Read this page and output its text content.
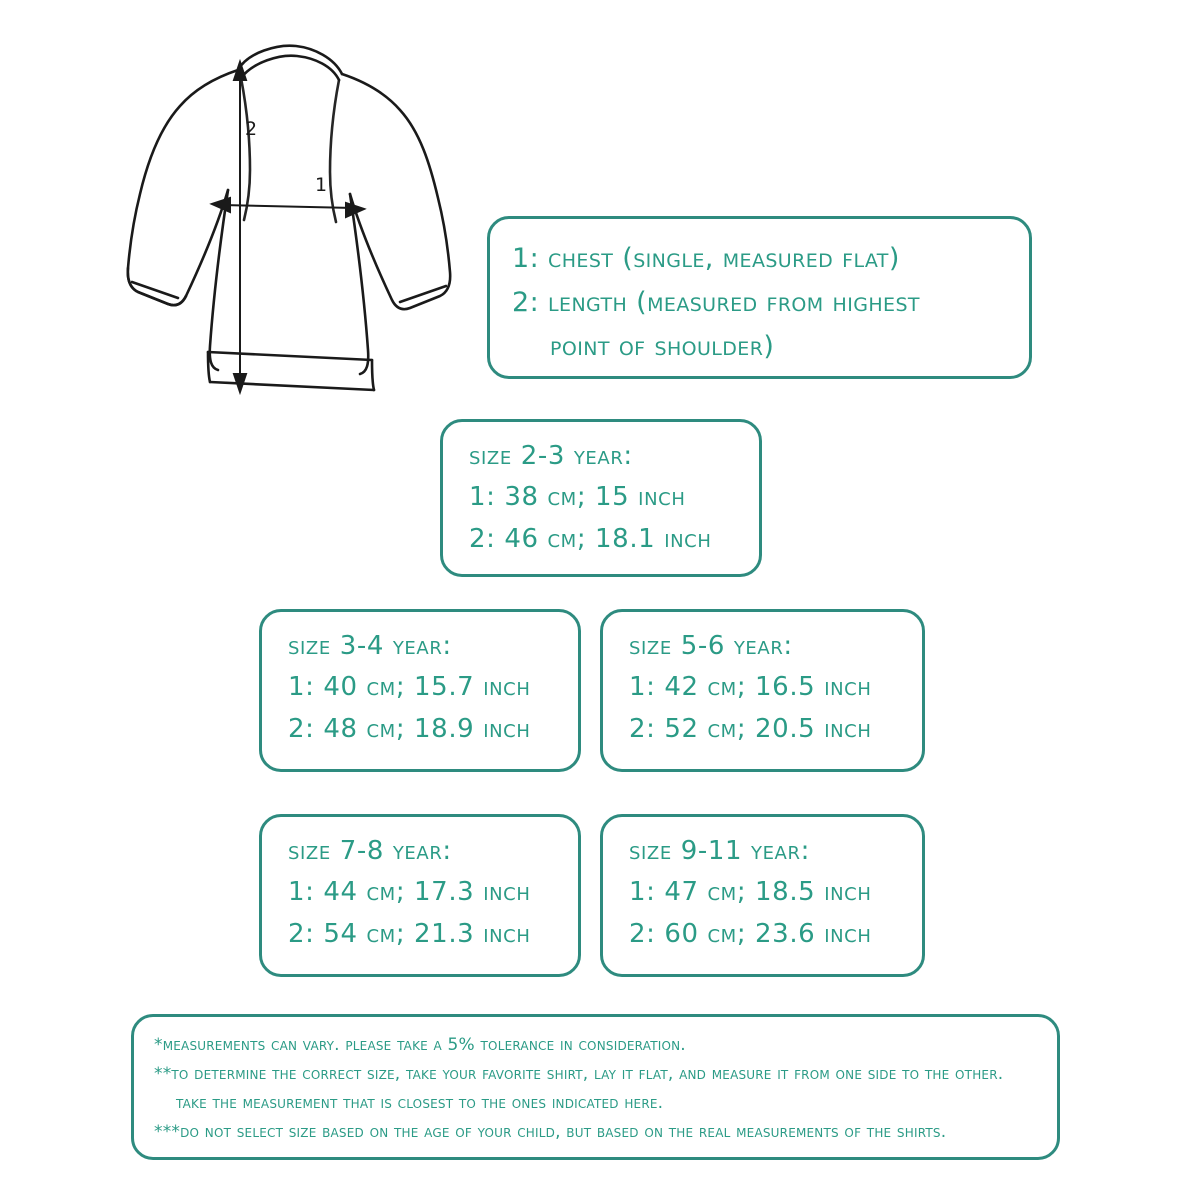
2
1
1: chest (single, measured flat)
2: length (measured from highest
point of shoulder)
size 2-3 year:
1: 38 cm; 15 inch
2: 46 cm; 18.1 inch
size 3-4 year:
1: 40 cm; 15.7 inch
2: 48 cm; 18.9 inch
size 5-6 year:
1: 42 cm; 16.5 inch
2: 52 cm; 20.5 inch
size 7-8 year:
1: 44 cm; 17.3 inch
2: 54 cm; 21.3 inch
size 9-11 year:
1: 47 cm; 18.5 inch
2: 60 cm; 23.6 inch
*measurements can vary. please take a 5% tolerance in consideration.
**to determine the correct size, take your favorite shirt, lay it flat, and measure it from one side to the other.
take the measurement that is closest to the ones indicated here.
***do not select size based on the age of your child, but based on the real measurements of the shirts.
